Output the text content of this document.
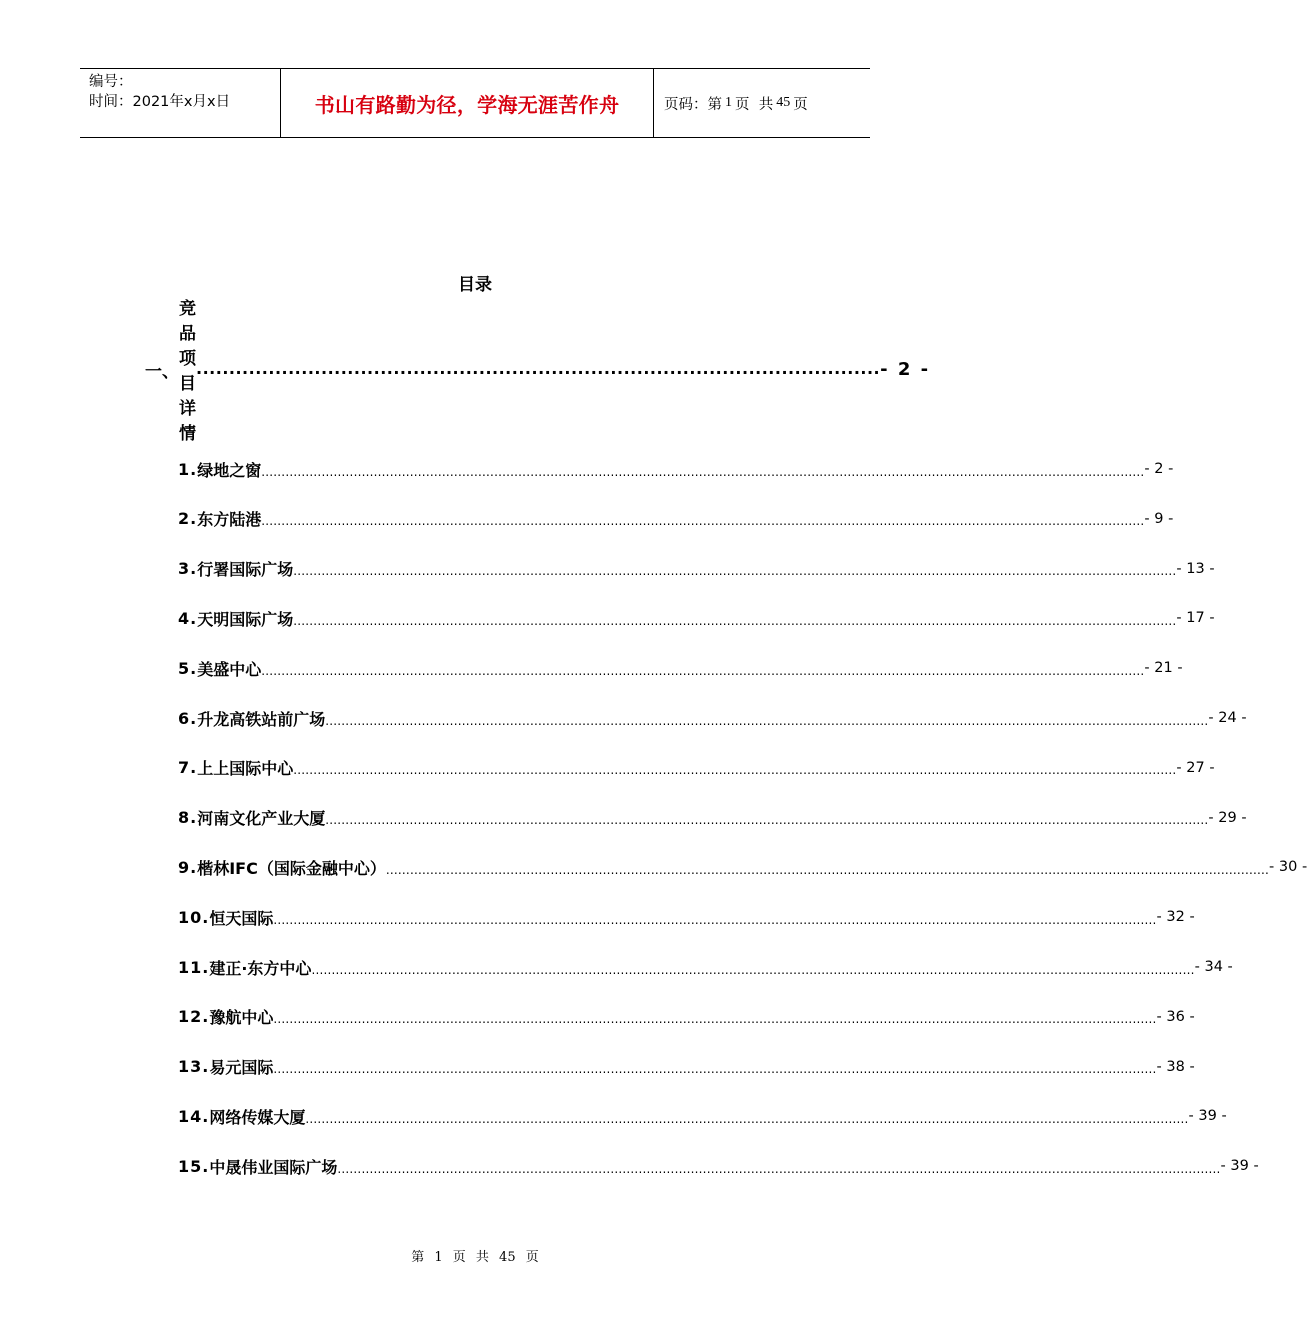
编号：
时间：2021年x月x日	书山有路勤为径，学海无涯苦作舟	页码：第 1 页  共 45 页
目录
一、
竞品项目详情
........................................................................................................ - 2 -
1. 绿地之窗 ............................................................................................................................................................................................................................ - 2 -
2. 东方陆港 ............................................................................................................................................................................................................................ - 9 -
3. 行署国际广场 ............................................................................................................................................................................................................................ - 13 -
4. 天明国际广场 ............................................................................................................................................................................................................................ - 17 -
5. 美盛中心 ............................................................................................................................................................................................................................ - 21 -
6. 升龙高铁站前广场 ............................................................................................................................................................................................................................ - 24 -
7. 上上国际中心 ............................................................................................................................................................................................................................ - 27 -
8. 河南文化产业大厦 ............................................................................................................................................................................................................................ - 29 -
9. 楷林IFC（国际金融中心） ............................................................................................................................................................................................................................ - 30 -
10. 恒天国际 ............................................................................................................................................................................................................................ - 32 -
11. 建正·东方中心 ............................................................................................................................................................................................................................ - 34 -
12. 豫航中心 ............................................................................................................................................................................................................................ - 36 -
13. 易元国际 ............................................................................................................................................................................................................................ - 38 -
14. 网络传媒大厦 ............................................................................................................................................................................................................................ - 39 -
15. 中晟伟业国际广场 ............................................................................................................................................................................................................................ - 39 -
第 1 页 共 45 页
